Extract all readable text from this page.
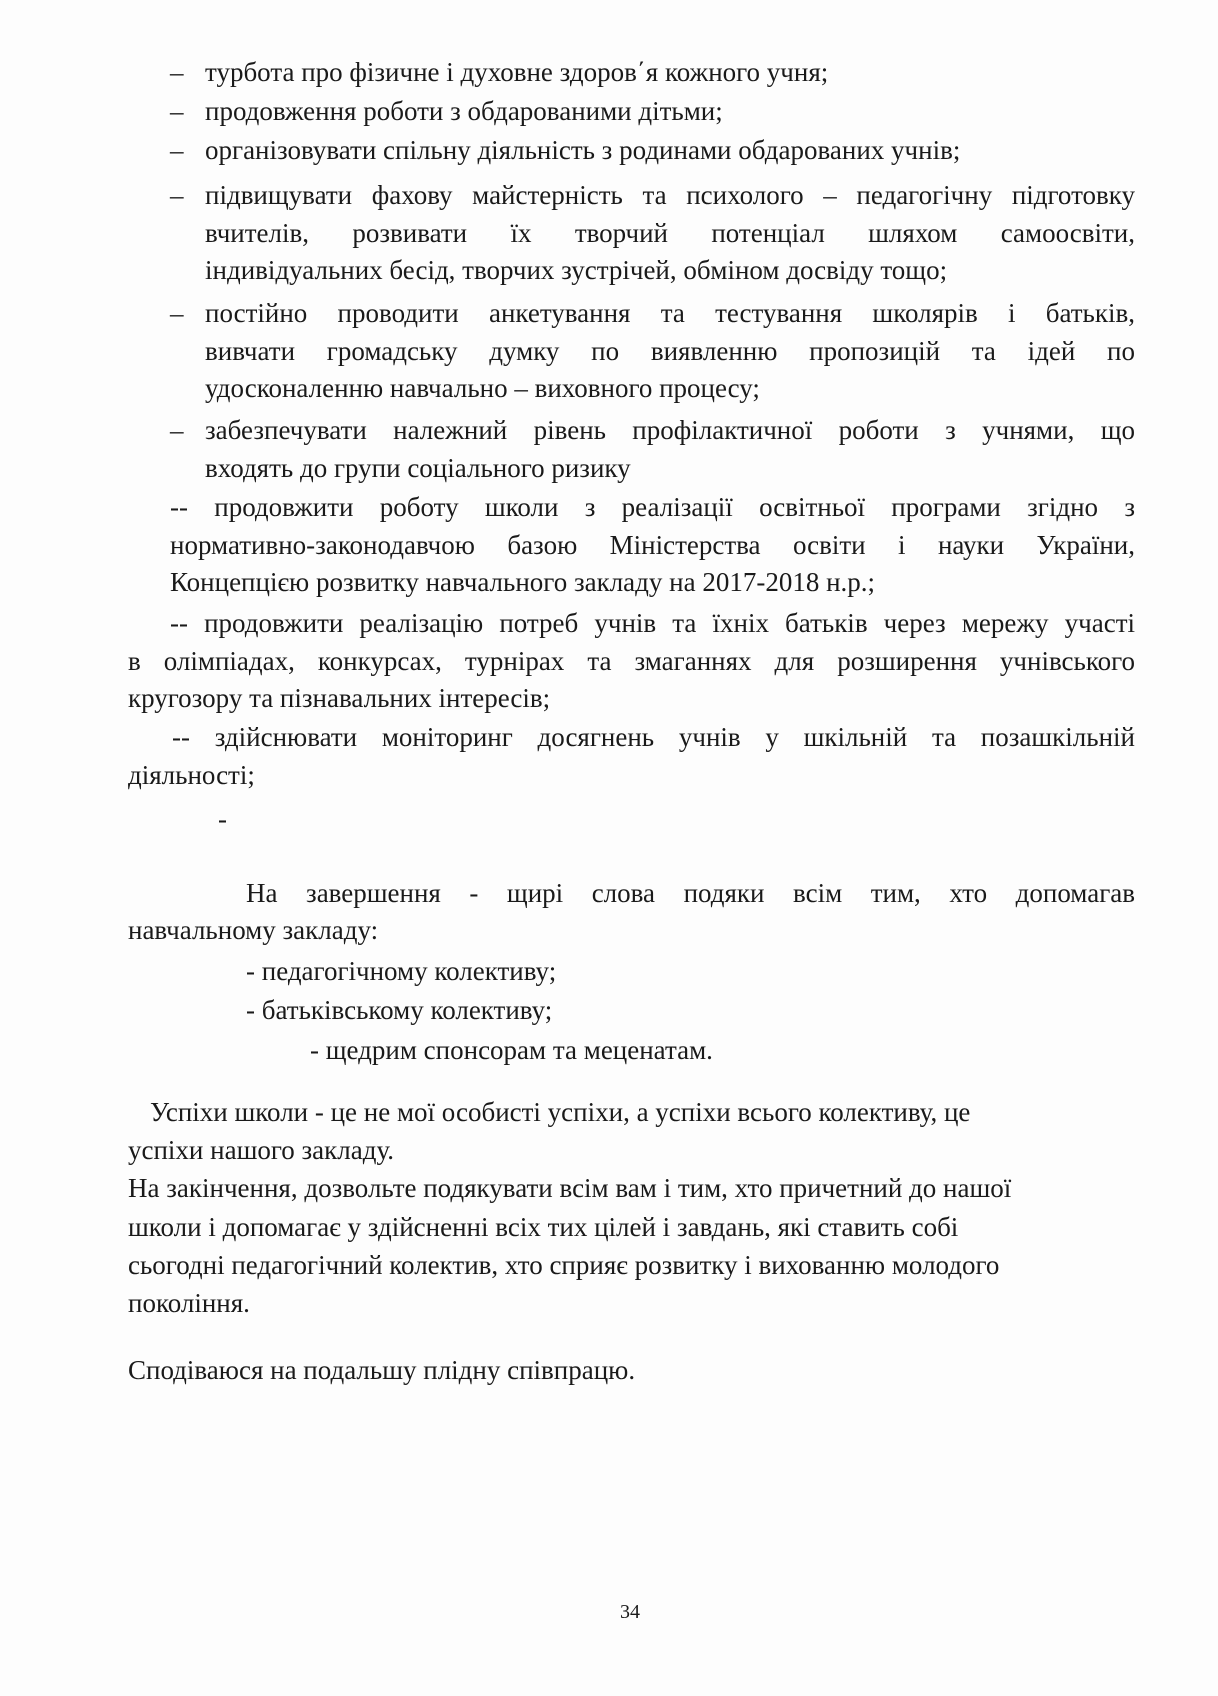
– турбота про фізичне і духовне здоров΄я кожного учня;
– продовження роботи з обдарованими дітьми;
– організовувати спільну діяльність з родинами обдарованих учнів;
– підвищувати фахову майстерність та психолого – педагогічну підготовку
вчителів, розвивати їх творчий потенціал шляхом самоосвіти,
індивідуальних бесід, творчих зустрічей, обміном досвіду тощо;
– постійно проводити анкетування та тестування школярів і батьків,
вивчати громадську думку по виявленню пропозицій та ідей по
удосконаленню навчально – виховного процесу;
– забезпечувати належний рівень профілактичної роботи з учнями, що
входять до групи соціального ризику
-- продовжити роботу школи з реалізації освітньої програми згідно з
нормативно-законодавчою базою Міністерства освіти і науки України,
Концепцією розвитку навчального закладу на 2017-2018 н.р.;
-- продовжити реалізацію потреб учнів та їхніх батьків через мережу участі
в олімпіадах, конкурсах, турнірах та змаганнях для розширення учнівського
кругозору та пізнавальних інтересів;
-- здійснювати моніторинг досягнень учнів у шкільній та позашкільній
діяльності;
-
На завершення - щирі слова подяки всім тим, хто допомагав
навчальному закладу:
- педагогічному колективу;
- батьківському колективу;
- щедрим спонсорам та меценатам.
Успіхи школи - це не мої особисті успіхи, а успіхи всього колективу, це
успіхи нашого закладу.
На закінчення, дозвольте подякувати всім вам і тим, хто причетний до нашої
школи і допомагає у здійсненні всіх тих цілей і завдань, які ставить собі
сьогодні педагогічний колектив, хто сприяє розвитку і вихованню молодого
покоління.
Сподіваюся на подальшу плідну співпрацю.
34
